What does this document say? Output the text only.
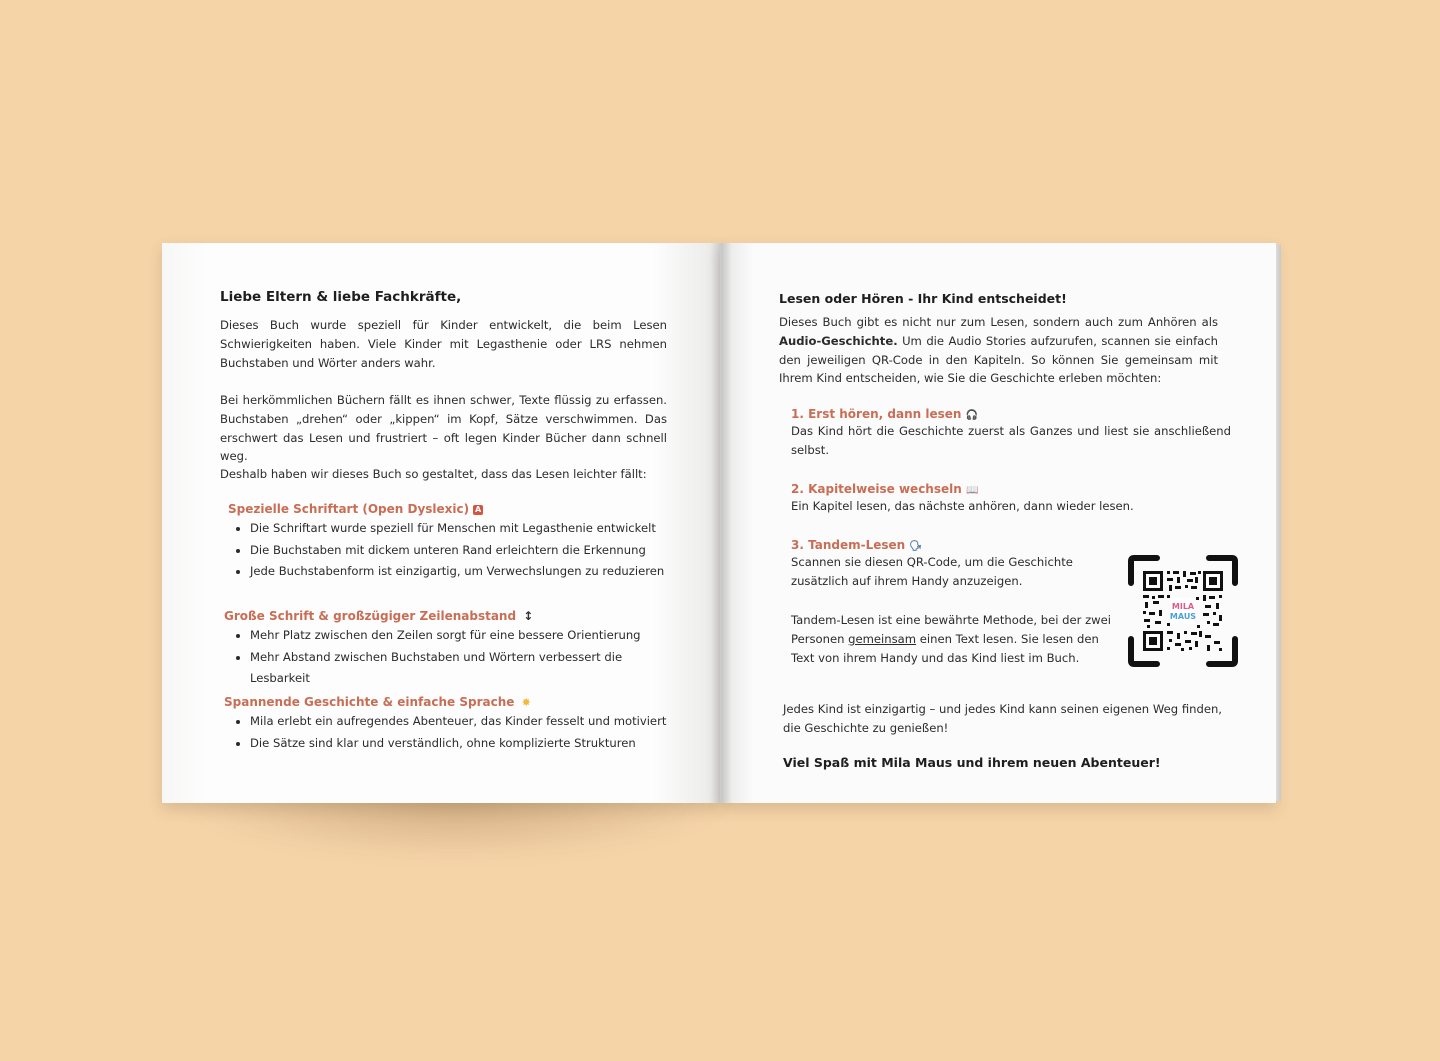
Liebe Eltern & liebe Fachkräfte,
Dieses Buch wurde speziell für Kinder entwickelt, die beim Lesen Schwierigkeiten haben. Viele Kinder mit Legasthenie oder LRS nehmen Buchstaben und Wörter anders wahr.
Bei herkömmlichen Büchern fällt es ihnen schwer, Texte flüssig zu erfassen. Buchstaben „drehen“ oder „kippen“ im Kopf, Sätze verschwimmen. Das erschwert das Lesen und frustriert – oft legen Kinder Bücher dann schnell weg.
Deshalb haben wir dieses Buch so gestaltet, dass das Lesen leichter fällt:
Spezielle Schriftart (Open Dyslexic) A
• Die Schriftart wurde speziell für Menschen mit Legasthenie entwickelt
• Die Buchstaben mit dickem unteren Rand erleichtern die Erkennung
• Jede Buchstabenform ist einzigartig, um Verwechslungen zu reduzieren
Große Schrift & großzügiger Zeilenabstand ↕
• Mehr Platz zwischen den Zeilen sorgt für eine bessere Orientierung
• Mehr Abstand zwischen Buchstaben und Wörtern verbessert die Lesbarkeit
Spannende Geschichte & einfache Sprache ✸
• Mila erlebt ein aufregendes Abenteuer, das Kinder fesselt und motiviert
• Die Sätze sind klar und verständlich, ohne komplizierte Strukturen
Lesen oder Hören - Ihr Kind entscheidet!
Dieses Buch gibt es nicht nur zum Lesen, sondern auch zum Anhören als Audio-Geschichte. Um die Audio Stories aufzurufen, scannen sie einfach den jeweiligen QR-Code in den Kapiteln. So können Sie gemeinsam mit Ihrem Kind entscheiden, wie Sie die Geschichte erleben möchten:
1. Erst hören, dann lesen 🎧
Das Kind hört die Geschichte zuerst als Ganzes und liest sie anschließend selbst.
2. Kapitelweise wechseln 📖
Ein Kapitel lesen, das nächste anhören, dann wieder lesen.
3. Tandem-Lesen 🗣
Scannen sie diesen QR-Code, um die Geschichte zusätzlich auf ihrem Handy anzuzeigen.
Tandem-Lesen ist eine bewährte Methode, bei der zwei Personen gemeinsam einen Text lesen. Sie lesen den Text von ihrem Handy und das Kind liest im Buch.
MILA
MAUS
Jedes Kind ist einzigartig – und jedes Kind kann seinen eigenen Weg finden, die Geschichte zu genießen!
Viel Spaß mit Mila Maus und ihrem neuen Abenteuer!
